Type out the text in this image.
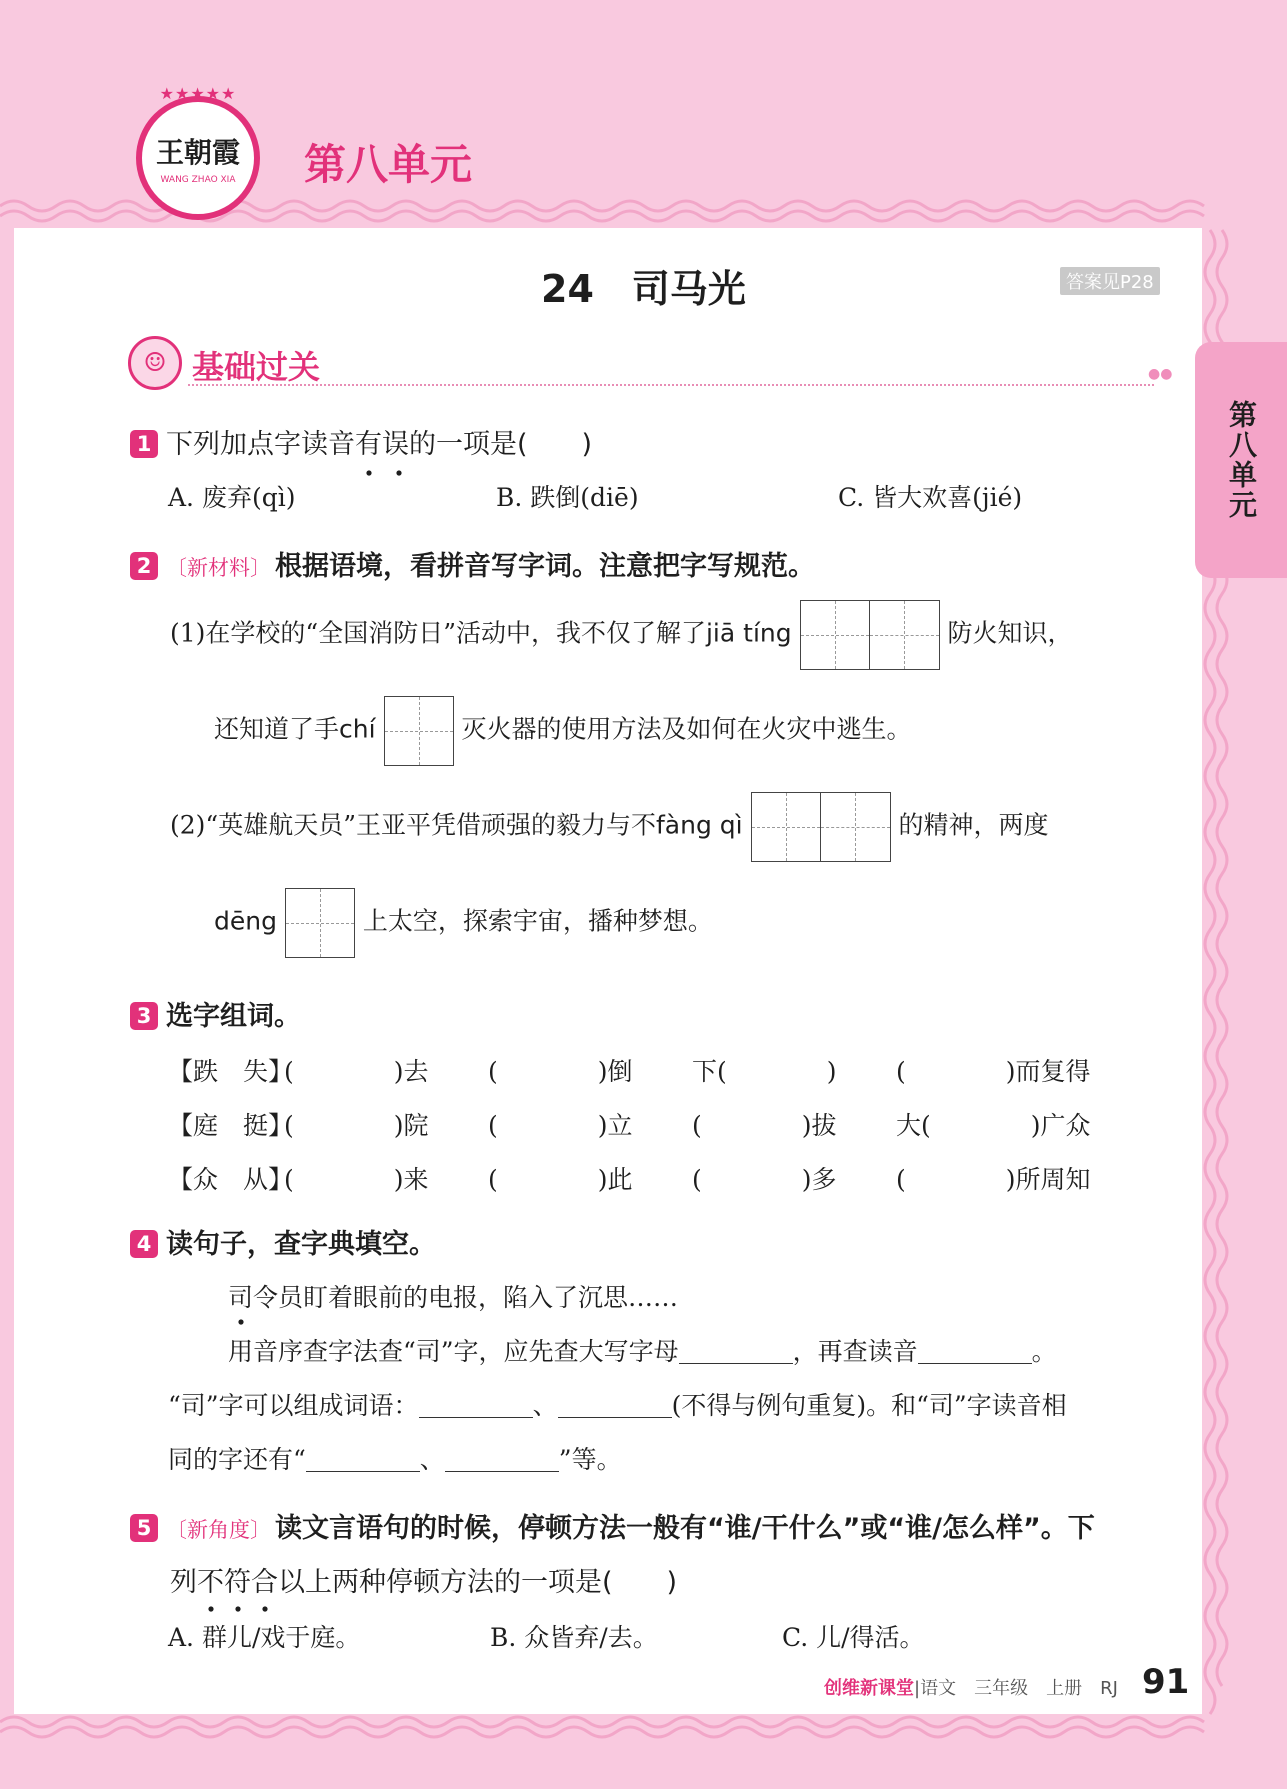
★★★★★
王朝霞
WANG ZHAO XIA 第八单元
第八单元
24　司马光	答案见P28
☺ 基础过关	●●
1 下列加点字读音有误的一项是(　　)
A. 废弃(qì)	B. 跌倒(diē)	C. 皆大欢喜(jié)
2 〔新材料〕 根据语境，看拼音写字词。注意把字写规范。
(1)在学校的“全国消防日”活动中，我不仅了解了jiā tíng	防火知识，
还知道了手chí	灭火器的使用方法及如何在火灾中逃生。
(2)“英雄航天员”王亚平凭借顽强的毅力与不fàng qì	的精神，两度
dēng	上太空，探索宇宙，播种梦想。
3 选字组词。
【跌　失】
(　　　　)去 (　　　　)倒 下(　　　　) (　　　　)而复得
【庭　挺】
(　　　　)院 (　　　　)立 (　　　　)拔 大(　　　　)广众
【众　从】
(　　　　)来 (　　　　)此 (　　　　)多 (　　　　)所周知
4 读句子，查字典填空。
司令员盯着眼前的电报，陷入了沉思……
用音序查字法查“司”字，应先查大写字母	，再查读音	。
“司”字可以组成词语：	、	(不得与例句重复)。和“司”字读音相
同的字还有“	、	”等。
5 〔新角度〕 读文言语句的时候，停顿方法一般有“谁/干什么”或“谁/怎么样”。下
列不符合以上两种停顿方法的一项是(　　)
A. 群儿/戏于庭。	B. 众皆弃/去。	C. 儿/得活。
创维新课堂|语文　三年级　上册　RJ 91
